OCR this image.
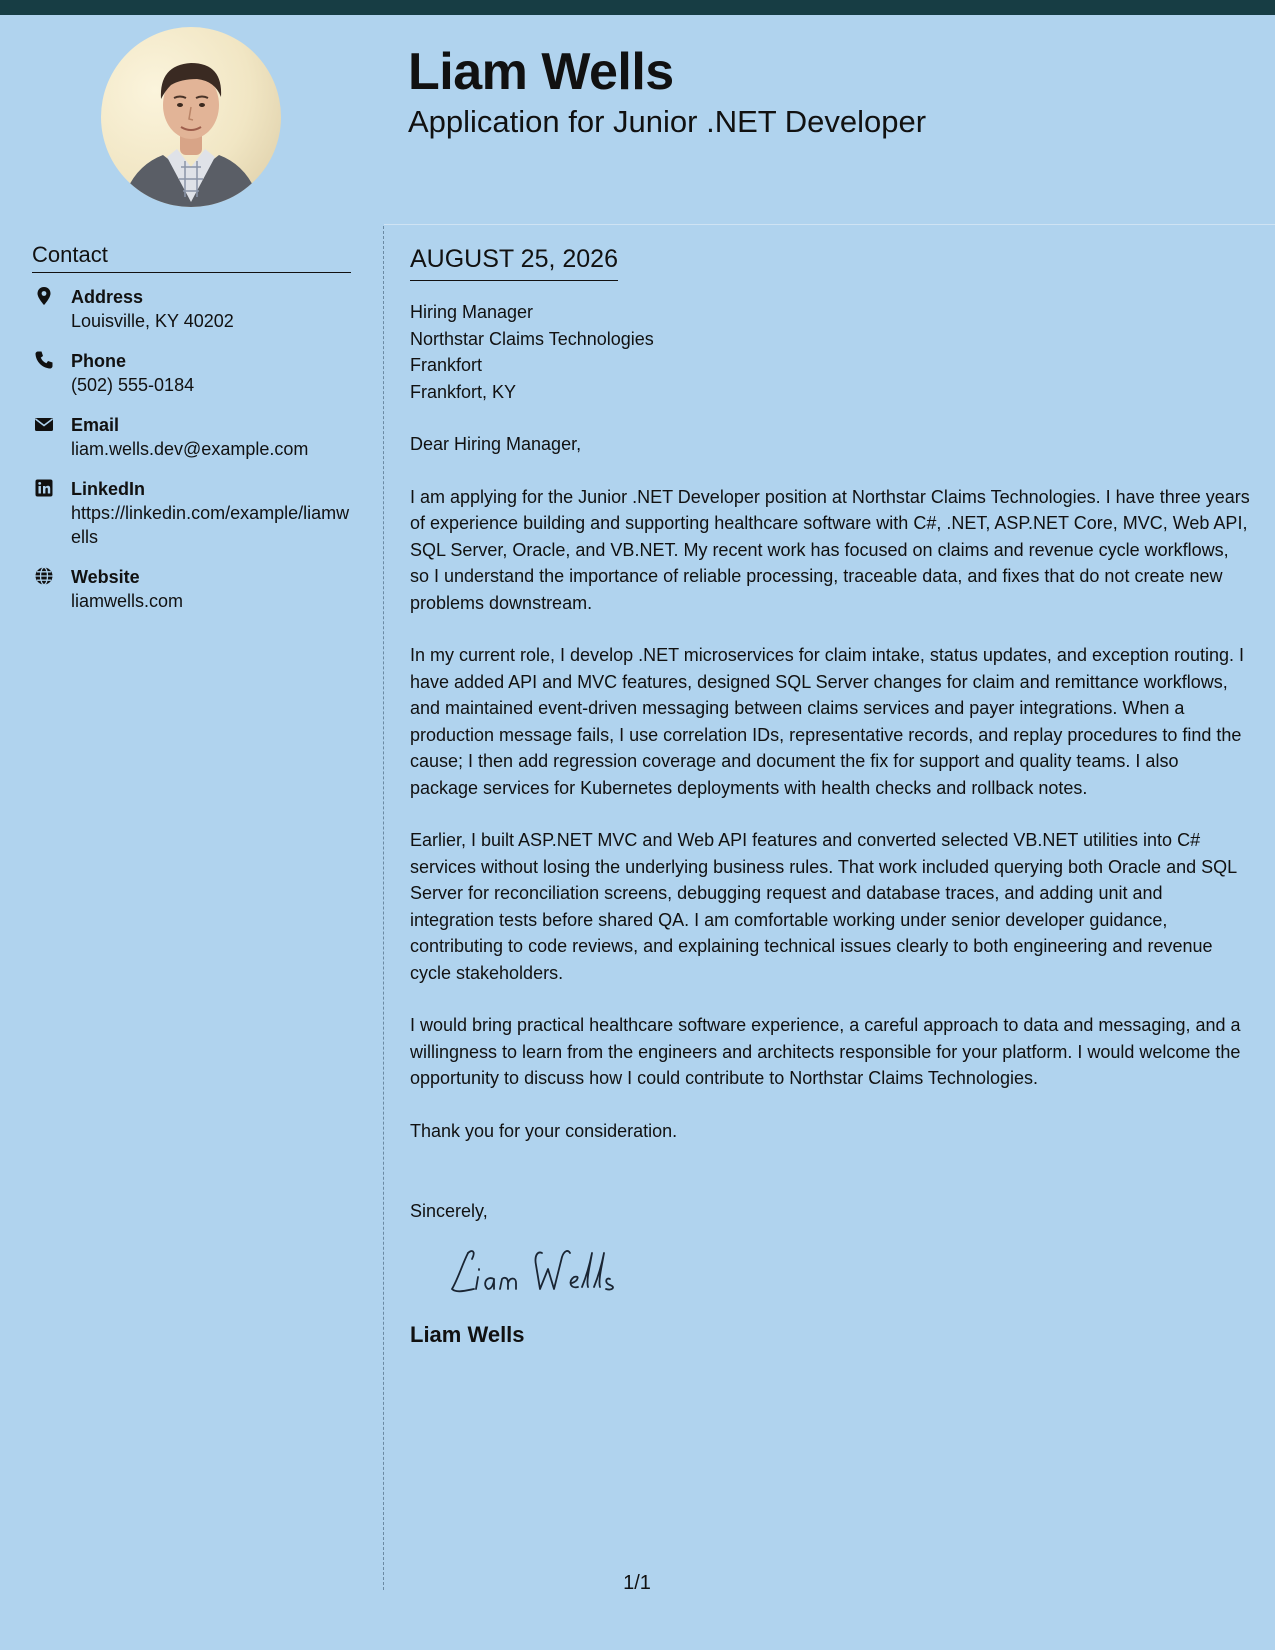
Liam Wells
Application for Junior .NET Developer
Contact
Address
Louisville, KY 40202
Phone
(502) 555-0184
Email
liam.wells.dev@example.com
LinkedIn
https://linkedin.com/example/liamwells
Website
liamwells.com
AUGUST 25, 2026
Hiring Manager
Northstar Claims Technologies
Frankfort
Frankfort, KY
Dear Hiring Manager,

I am applying for the Junior .NET Developer position at Northstar Claims Technologies. I have three years of experience building and supporting healthcare software with C#, .NET, ASP.NET Core, MVC, Web API, SQL Server, Oracle, and VB.NET. My recent work has focused on claims and revenue cycle workflows, so I understand the importance of reliable processing, traceable data, and fixes that do not create new problems downstream.

In my current role, I develop .NET microservices for claim intake, status updates, and exception routing. I have added API and MVC features, designed SQL Server changes for claim and remittance workflows, and maintained event-driven messaging between claims services and payer integrations. When a production message fails, I use correlation IDs, representative records, and replay procedures to find the cause; I then add regression coverage and document the fix for support and quality teams. I also package services for Kubernetes deployments with health checks and rollback notes.

Earlier, I built ASP.NET MVC and Web API features and converted selected VB.NET utilities into C# services without losing the underlying business rules. That work included querying both Oracle and SQL Server for reconciliation screens, debugging request and database traces, and adding unit and integration tests before shared QA. I am comfortable working under senior developer guidance, contributing to code reviews, and explaining technical issues clearly to both engineering and revenue cycle stakeholders.

I would bring practical healthcare software experience, a careful approach to data and messaging, and a willingness to learn from the engineers and architects responsible for your platform. I would welcome the opportunity to discuss how I could contribute to Northstar Claims Technologies.

Thank you for your consideration.

Sincerely,
Liam Wells
1/1
